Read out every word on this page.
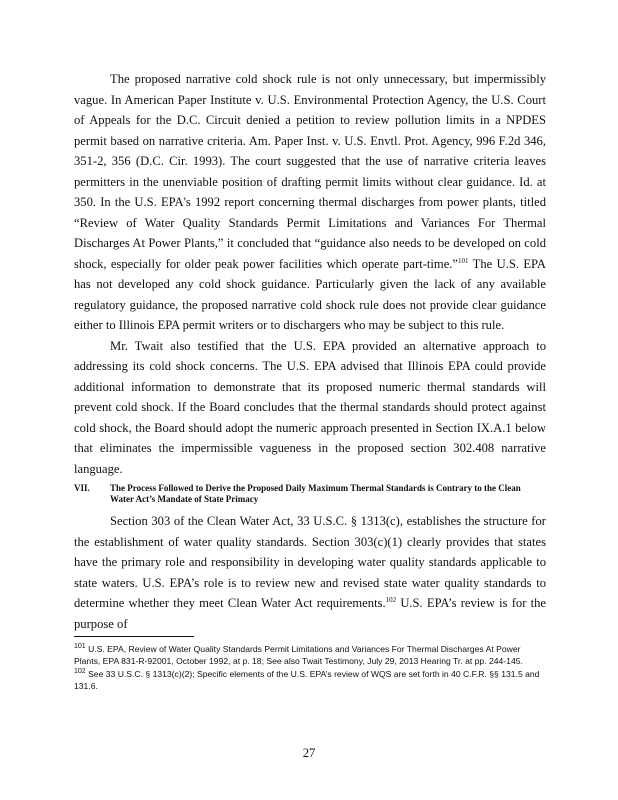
The proposed narrative cold shock rule is not only unnecessary, but impermissibly vague. In American Paper Institute v. U.S. Environmental Protection Agency, the U.S. Court of Appeals for the D.C. Circuit denied a petition to review pollution limits in a NPDES permit based on narrative criteria. Am. Paper Inst. v. U.S. Envtl. Prot. Agency, 996 F.2d 346, 351-2, 356 (D.C. Cir. 1993). The court suggested that the use of narrative criteria leaves permitters in the unenviable position of drafting permit limits without clear guidance. Id. at 350. In the U.S. EPA's 1992 report concerning thermal discharges from power plants, titled “Review of Water Quality Standards Permit Limitations and Variances For Thermal Discharges At Power Plants,” it concluded that “guidance also needs to be developed on cold shock, especially for older peak power facilities which operate part-time.”$^{101}$ The U.S. EPA has not developed any cold shock guidance. Particularly given the lack of any available regulatory guidance, the proposed narrative cold shock rule does not provide clear guidance either to Illinois EPA permit writers or to dischargers who may be subject to this rule.

Mr. Twait also testified that the U.S. EPA provided an alternative approach to addressing its cold shock concerns. The U.S. EPA advised that Illinois EPA could provide additional information to demonstrate that its proposed numeric thermal standards will prevent cold shock. If the Board concludes that the thermal standards should protect against cold shock, the Board should adopt the numeric approach presented in Section IX.A.1 below that eliminates the impermissible vagueness in the proposed section 302.408 narrative language.

VII.	The Process Followed to Derive the Proposed Daily Maximum Thermal Standards is Contrary to the Clean Water Act’s Mandate of State Primacy

Section 303 of the Clean Water Act, 33 U.S.C. § 1313(c), establishes the structure for the establishment of water quality standards. Section 303(c)(1) clearly provides that states have the primary role and responsibility in developing water quality standards applicable to state waters. U.S. EPA’s role is to review new and revised state water quality standards to determine whether they meet Clean Water Act requirements.$^{102}$ U.S. EPA’s review is for the purpose of

$^{101}$ U.S. EPA, Review of Water Quality Standards Permit Limitations and Variances For Thermal Discharges At Power Plants, EPA 831-R-92001, October 1992, at p. 18; See also Twait Testimony, July 29, 2013 Hearing Tr. at pp. 244-145.

$^{102}$ See 33 U.S.C. § 1313(c)(2); Specific elements of the U.S. EPA’s review of WQS are set forth in 40 C.F.R. §§ 131.5 and 131.6.

27
